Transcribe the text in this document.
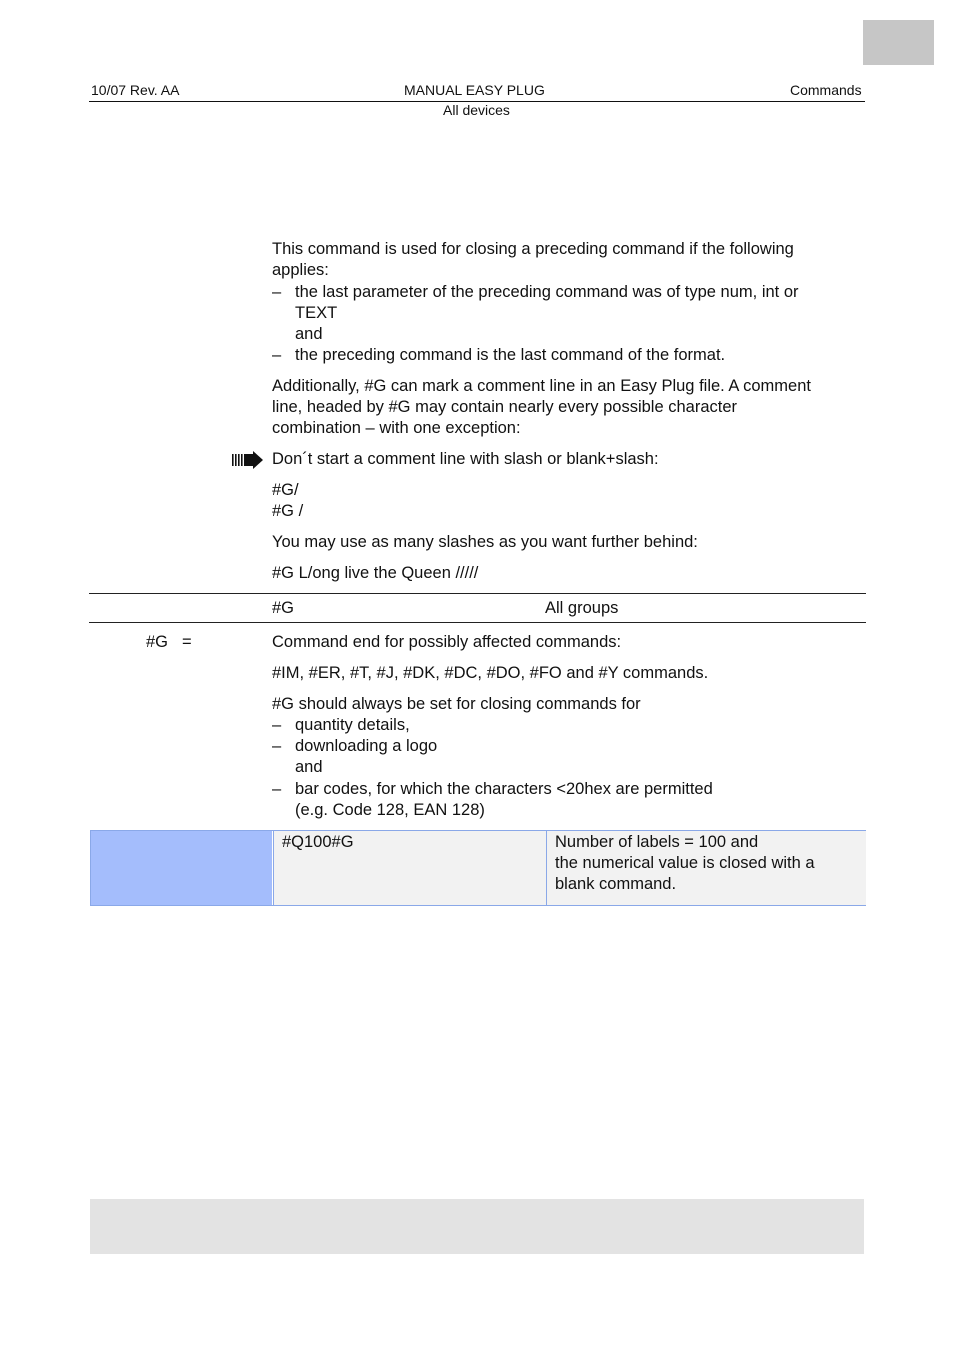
10/07 Rev. AA	MANUAL EASY PLUG	Commands
All devices
This command is used for closing a preceding command if the following
applies:
– the last parameter of the preceding command was of type num, int or
TEXT
and
– the preceding command is the last command of the format.
Additionally, #G can mark a comment line in an Easy Plug file. A comment
line, headed by #G may contain nearly every possible character
combination – with one exception:
Don´t start a comment line with slash or blank+slash:
#G/
#G /
You may use as many slashes as you want further behind:
#G L/ong live the Queen /////
#G	All groups
#G =	Command end for possibly affected commands:
#IM, #ER, #T, #J, #DK, #DC, #DO, #FO and #Y commands.
#G should always be set for closing commands for
– quantity details,
– downloading a logo
and
– bar codes, for which the characters <20hex are permitted
(e.g. Code 128, EAN 128)
#Q100#G	Number of labels = 100 and
the numerical value is closed with a
blank command.
